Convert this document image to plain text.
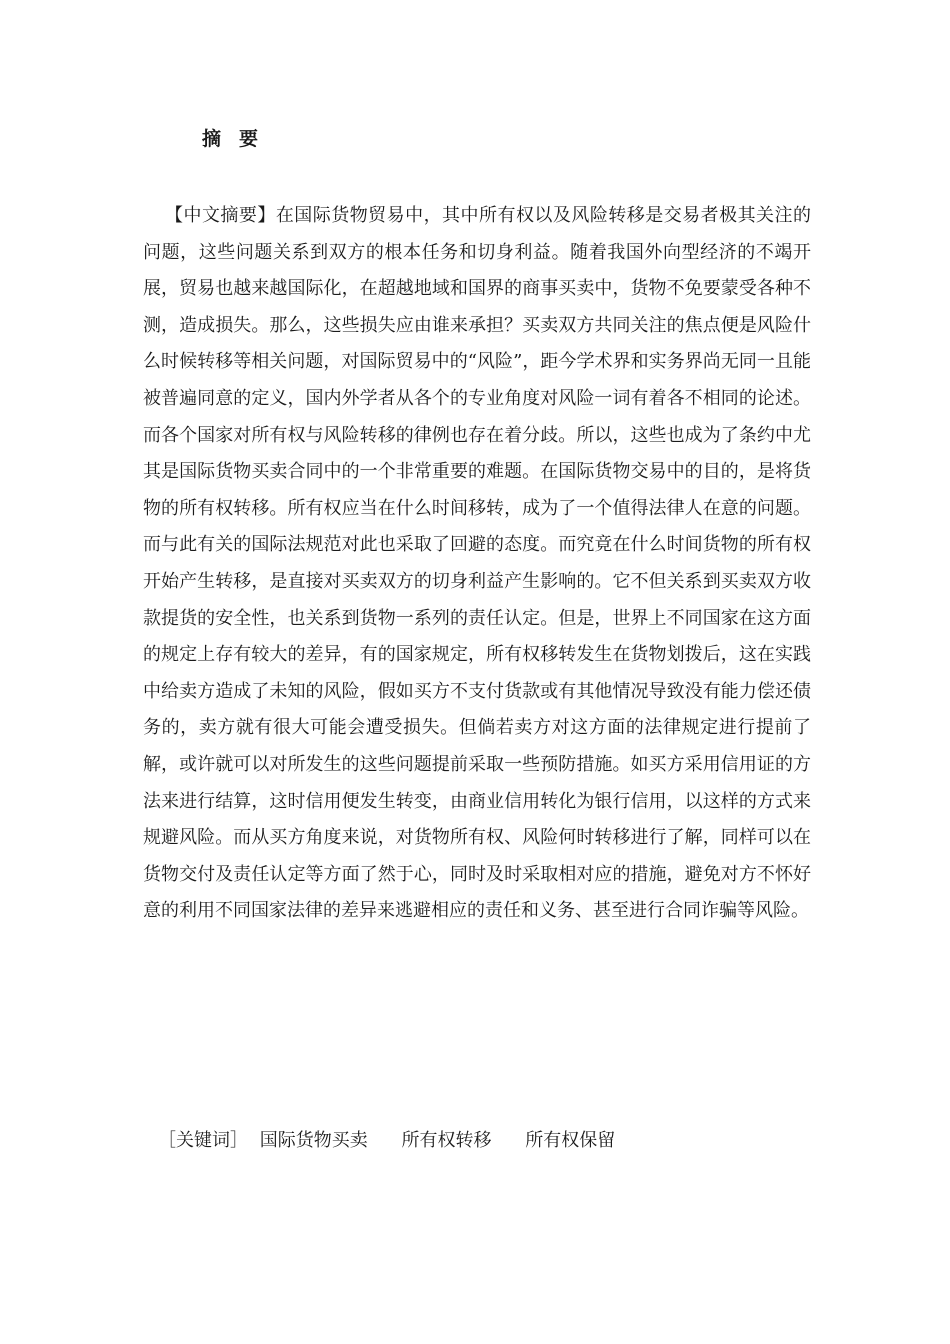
摘要

【中文摘要】在国际货物贸易中，其中所有权以及风险转移是交易者极其关注的问题，这些问题关系到双方的根本任务和切身利益。随着我国外向型经济的不竭开展，贸易也越来越国际化，在超越地域和国界的商事买卖中，货物不免要蒙受各种不测，造成损失。那么，这些损失应由谁来承担？买卖双方共同关注的焦点便是风险什么时候转移等相关问题，对国际贸易中的“风险”，距今学术界和实务界尚无同一且能被普遍同意的定义，国内外学者从各个的专业角度对风险一词有着各不相同的论述。而各个国家对所有权与风险转移的律例也存在着分歧。所以，这些也成为了条约中尤其是国际货物买卖合同中的一个非常重要的难题。在国际货物交易中的目的，是将货物的所有权转移。所有权应当在什么时间移转，成为了一个值得法律人在意的问题。而与此有关的国际法规范对此也采取了回避的态度。而究竟在什么时间货物的所有权开始产生转移，是直接对买卖双方的切身利益产生影响的。它不但关系到买卖双方收款提货的安全性，也关系到货物一系列的责任认定。但是，世界上不同国家在这方面的规定上存有较大的差异，有的国家规定，所有权移转发生在货物划拨后，这在实践中给卖方造成了未知的风险，假如买方不支付货款或有其他情况导致没有能力偿还债务的，卖方就有很大可能会遭受损失。但倘若卖方对这方面的法律规定进行提前了解，或许就可以对所发生的这些问题提前采取一些预防措施。如买方采用信用证的方法来进行结算，这时信用便发生转变，由商业信用转化为银行信用，以这样的方式来规避风险。而从买方角度来说，对货物所有权、风险何时转移进行了解，同样可以在货物交付及责任认定等方面了然于心，同时及时采取相对应的措施，避免对方不怀好意的利用不同国家法律的差异来逃避相应的责任和义务、甚至进行合同诈骗等风险。

［关键词］ 国际货物买卖 所有权转移 所有权保留
